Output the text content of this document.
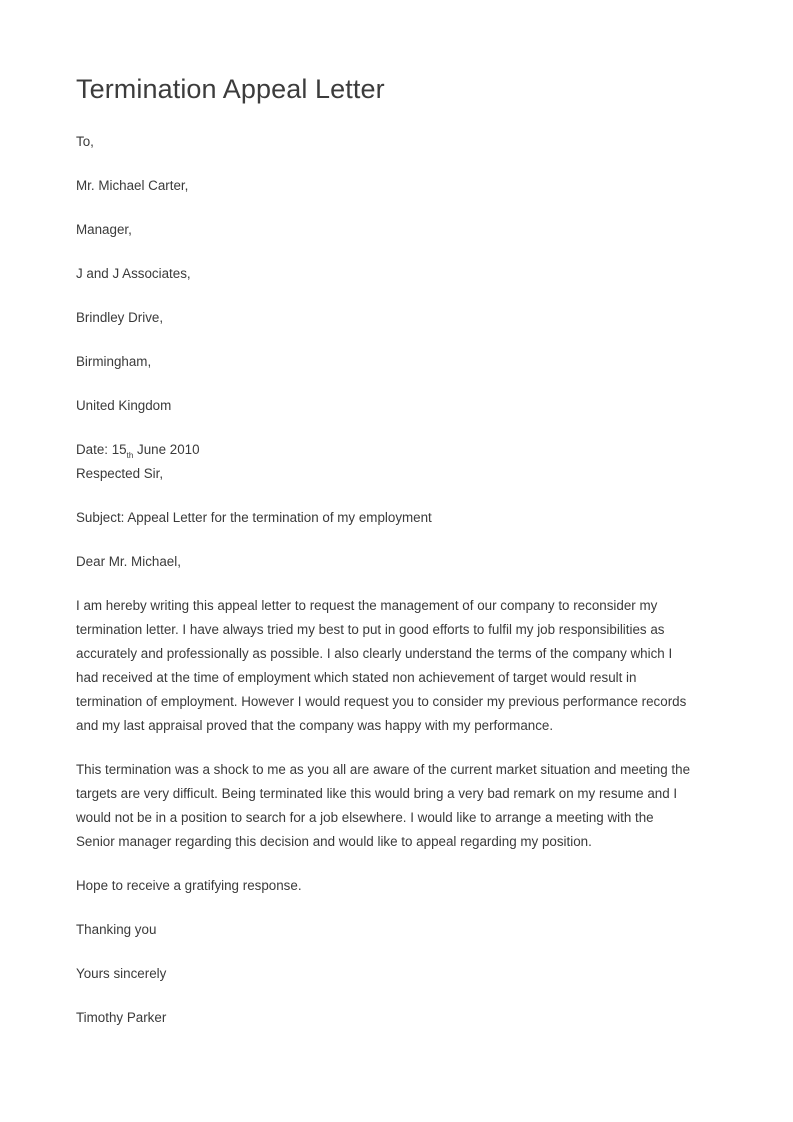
Termination Appeal Letter
To,
Mr. Michael Carter,
Manager,
J and J Associates,
Brindley Drive,
Birmingham,
United Kingdom
Date: $15_{th}$ June 2010
Respected Sir,
Subject: Appeal Letter for the termination of my employment
Dear Mr. Michael,
I am hereby writing this appeal letter to request the management of our company to reconsider my
termination letter. I have always tried my best to put in good efforts to fulfil my job responsibilities as
accurately and professionally as possible. I also clearly understand the terms of the company which I
had received at the time of employment which stated non achievement of target would result in
termination of employment. However I would request you to consider my previous performance records
and my last appraisal proved that the company was happy with my performance.
This termination was a shock to me as you all are aware of the current market situation and meeting the
targets are very difficult. Being terminated like this would bring a very bad remark on my resume and I
would not be in a position to search for a job elsewhere. I would like to arrange a meeting with the
Senior manager regarding this decision and would like to appeal regarding my position.
Hope to receive a gratifying response.
Thanking you
Yours sincerely
Timothy Parker
